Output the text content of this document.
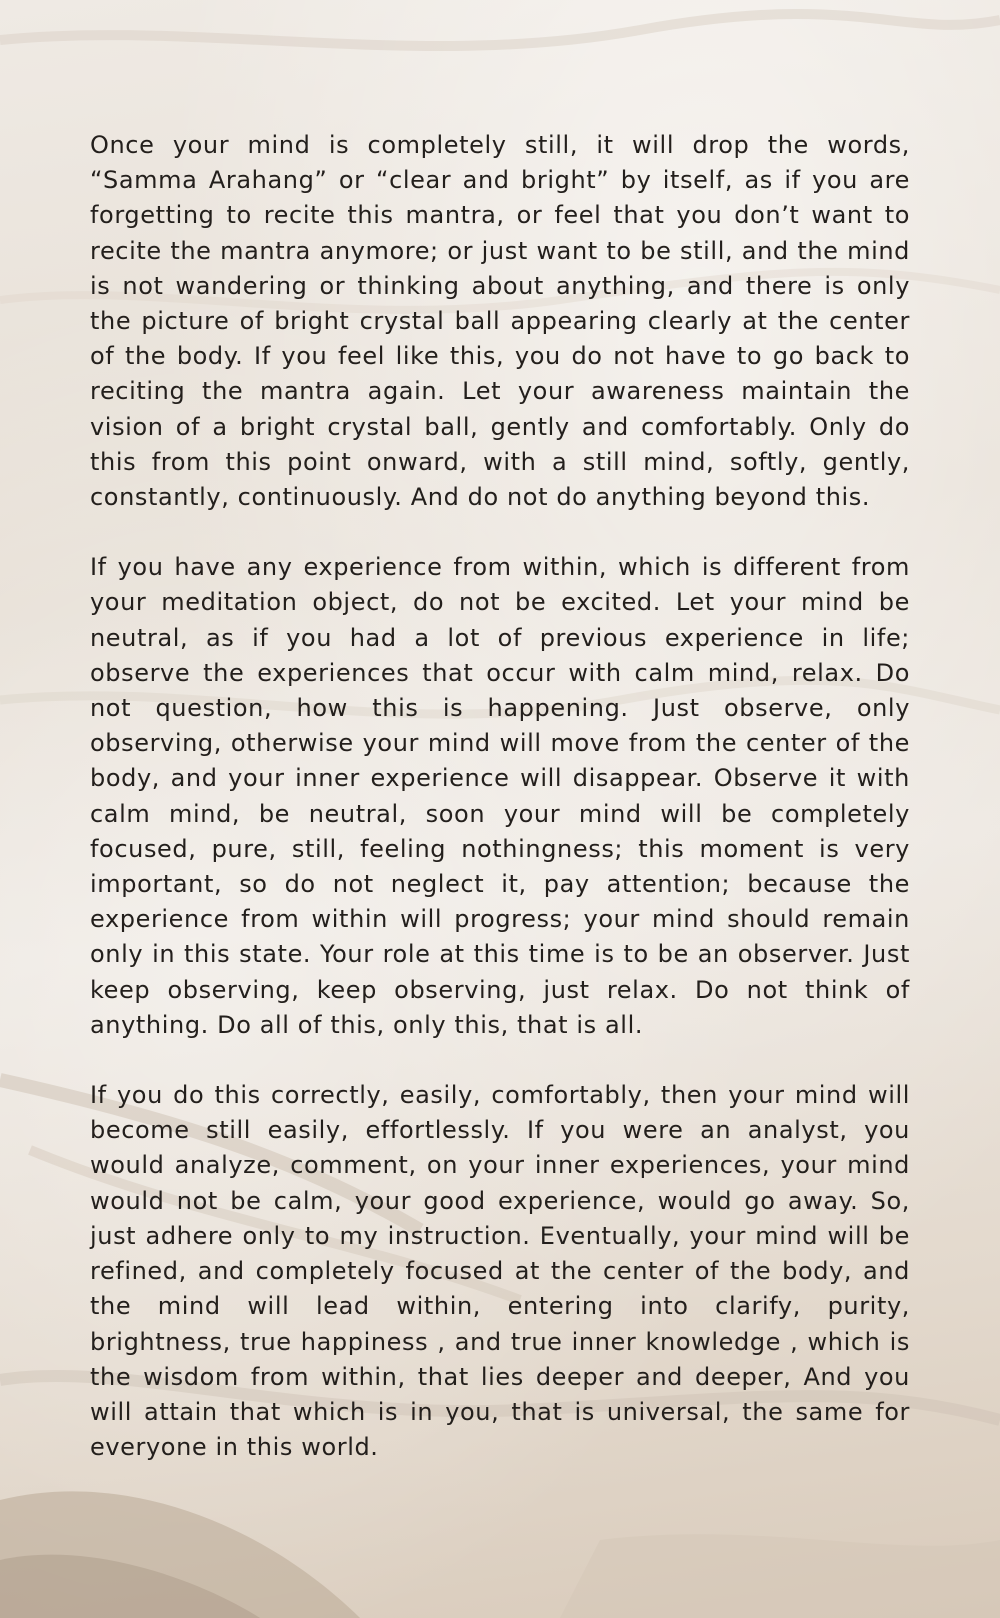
Once your mind is completely still, it will drop the words, “Samma Arahang” or “clear and bright” by itself, as if you are forgetting to recite this mantra, or feel that you don’t want to recite the mantra anymore; or just want to be still, and the mind is not wandering or thinking about anything, and there is only the picture of bright crystal ball appearing clearly at the center of the body. If you feel like this, you do not have to go back to reciting the mantra again. Let your awareness maintain the vision of a bright crystal ball, gently and comfortably. Only do this from this point onward, with a still mind, softly, gently, constantly, continuously. And do not do anything beyond this.

If you have any experience from within, which is different from your meditation object, do not be excited. Let your mind be neutral, as if you had a lot of previous experience in life; observe the experiences that occur with calm mind, relax. Do not question, how this is happening. Just observe, only observing, otherwise your mind will move from the center of the body, and your inner experience will disappear. Observe it with calm mind, be neutral, soon your mind will be completely focused, pure, still, feeling nothingness; this moment is very important, so do not neglect it, pay attention; because the experience from within will progress; your mind should remain only in this state. Your role at this time is to be an observer. Just keep observing, keep observing, just relax. Do not think of anything. Do all of this, only this, that is all.

If you do this correctly, easily, comfortably, then your mind will become still easily, effortlessly. If you were an analyst, you would analyze, comment, on your inner experiences, your mind would not be calm, your good experience, would go away. So, just adhere only to my instruction. Eventually, your mind will be refined, and completely focused at the center of the body, and the mind will lead within, entering into clarify, purity, brightness, true happiness , and true inner knowledge , which is the wisdom from within, that lies deeper and deeper, And you will attain that which is in you, that is universal, the same for everyone in this world.
